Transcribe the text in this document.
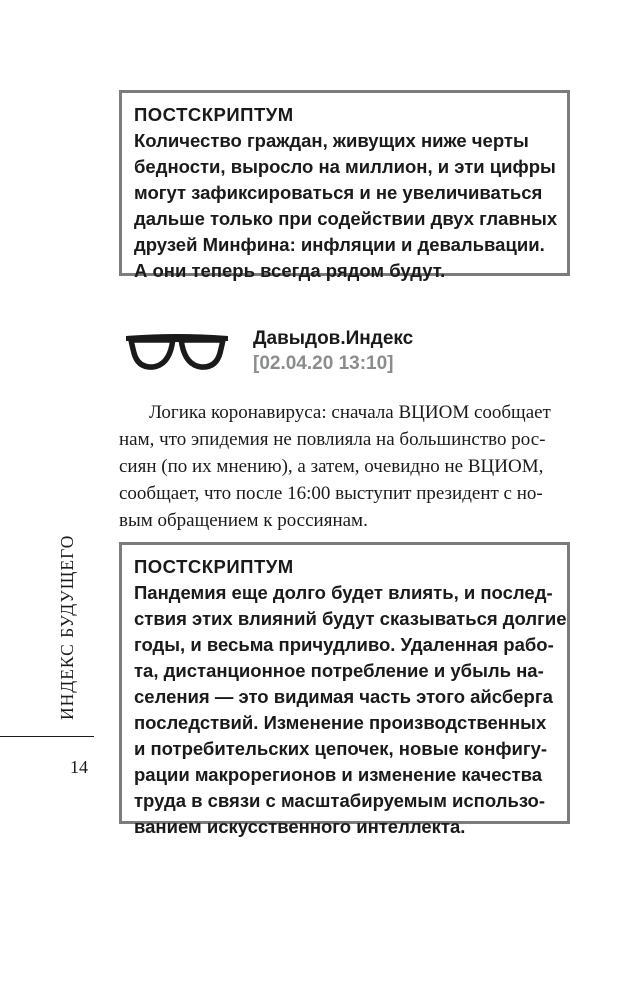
ПОСТСКРИПТУМ
Количество граждан, живущих ниже черты
бедности, выросло на миллион, и эти цифры
могут зафиксироваться и не увеличиваться
дальше только при содействии двух главных
друзей Минфина: инфляции и девальвации.
А они теперь всегда рядом будут.
Давыдов.Индекс
[02.04.20 13:10]
Логика коронавируса: сначала ВЦИОМ сообщает
нам, что эпидемия не повлияла на большинство рос-
сиян (по их мнению), а затем, очевидно не ВЦИОМ,
сообщает, что после 16:00 выступит президент с но-
вым обращением к россиянам.
ПОСТСКРИПТУМ
Пандемия еще долго будет влиять, и послед-
ствия этих влияний будут сказываться долгие
годы, и весьма причудливо. Удаленная рабо-
та, дистанционное потребление и убыль на-
селения — это видимая часть этого айсберга
последствий. Изменение производственных
и потребительских цепочек, новые конфигу-
рации макрорегионов и изменение качества
труда в связи с масштабируемым использо-
ванием искусственного интеллекта.
ИНДЕКС БУДУЩЕГО
14
